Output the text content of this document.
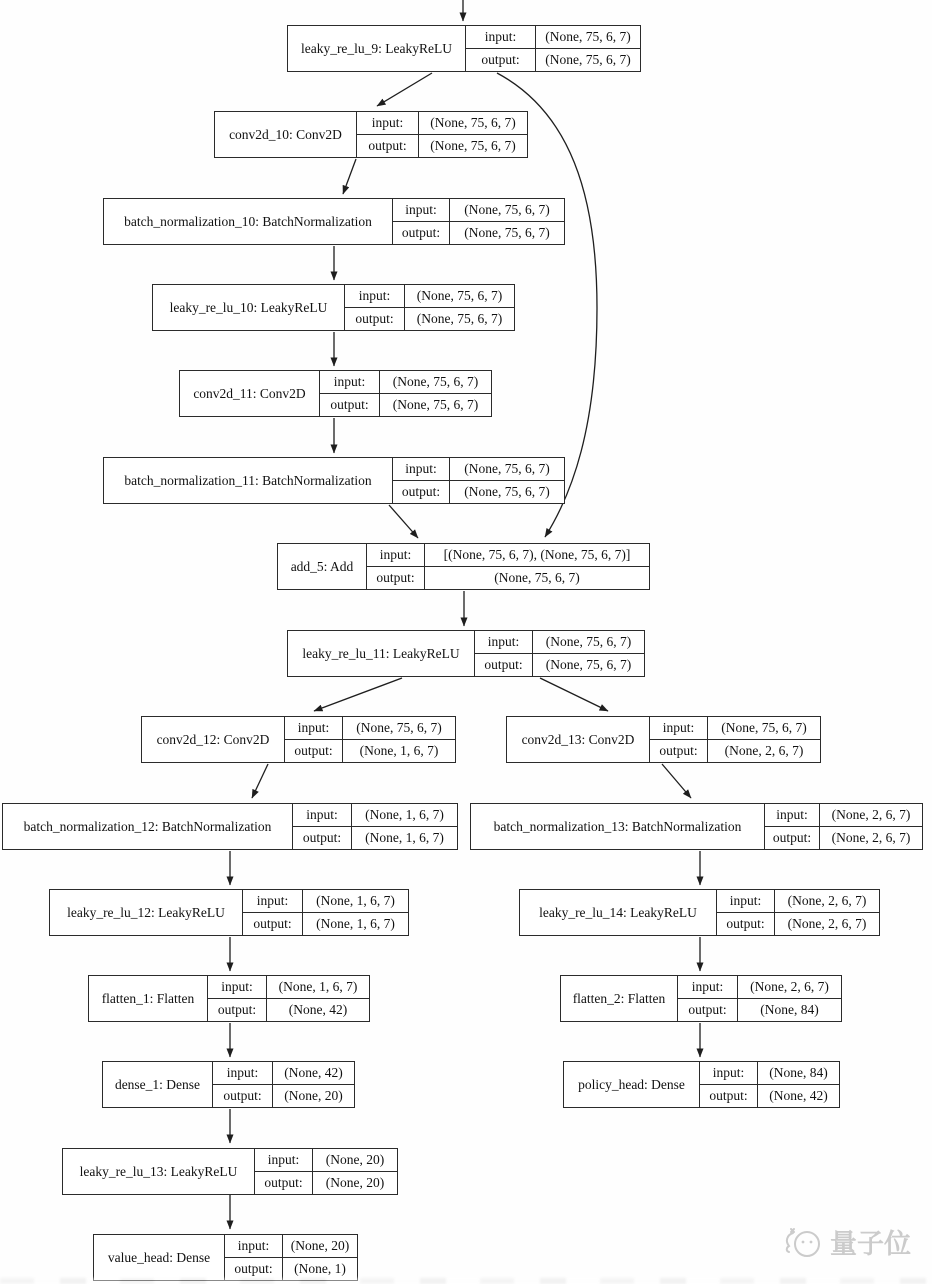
leaky_re_lu_9: LeakyReLU
input:	(None, 75, 6, 7)
output:	(None, 75, 6, 7)
conv2d_10: Conv2D
input:	(None, 75, 6, 7)
output:	(None, 75, 6, 7)
batch_normalization_10: BatchNormalization
input:	(None, 75, 6, 7)
output:	(None, 75, 6, 7)
leaky_re_lu_10: LeakyReLU
input:	(None, 75, 6, 7)
output:	(None, 75, 6, 7)
conv2d_11: Conv2D
input:	(None, 75, 6, 7)
output:	(None, 75, 6, 7)
batch_normalization_11: BatchNormalization
input:	(None, 75, 6, 7)
output:	(None, 75, 6, 7)
add_5: Add
input:	[(None, 75, 6, 7), (None, 75, 6, 7)]
output:	(None, 75, 6, 7)
leaky_re_lu_11: LeakyReLU
input:	(None, 75, 6, 7)
output:	(None, 75, 6, 7)
conv2d_12: Conv2D
input:	(None, 75, 6, 7)
output:	(None, 1, 6, 7)
conv2d_13: Conv2D
input:	(None, 75, 6, 7)
output:	(None, 2, 6, 7)
batch_normalization_12: BatchNormalization
input:	(None, 1, 6, 7)
output:	(None, 1, 6, 7)
batch_normalization_13: BatchNormalization
input:	(None, 2, 6, 7)
output:	(None, 2, 6, 7)
leaky_re_lu_12: LeakyReLU
input:	(None, 1, 6, 7)
output:	(None, 1, 6, 7)
leaky_re_lu_14: LeakyReLU
input:	(None, 2, 6, 7)
output:	(None, 2, 6, 7)
flatten_1: Flatten
input:	(None, 1, 6, 7)
output:	(None, 42)
flatten_2: Flatten
input:	(None, 2, 6, 7)
output:	(None, 84)
dense_1: Dense
input:	(None, 42)
output:	(None, 20)
policy_head: Dense
input:	(None, 84)
output:	(None, 42)
leaky_re_lu_13: LeakyReLU
input:	(None, 20)
output:	(None, 20)
value_head: Dense
input:	(None, 20)
output:	(None, 1)
量子位
